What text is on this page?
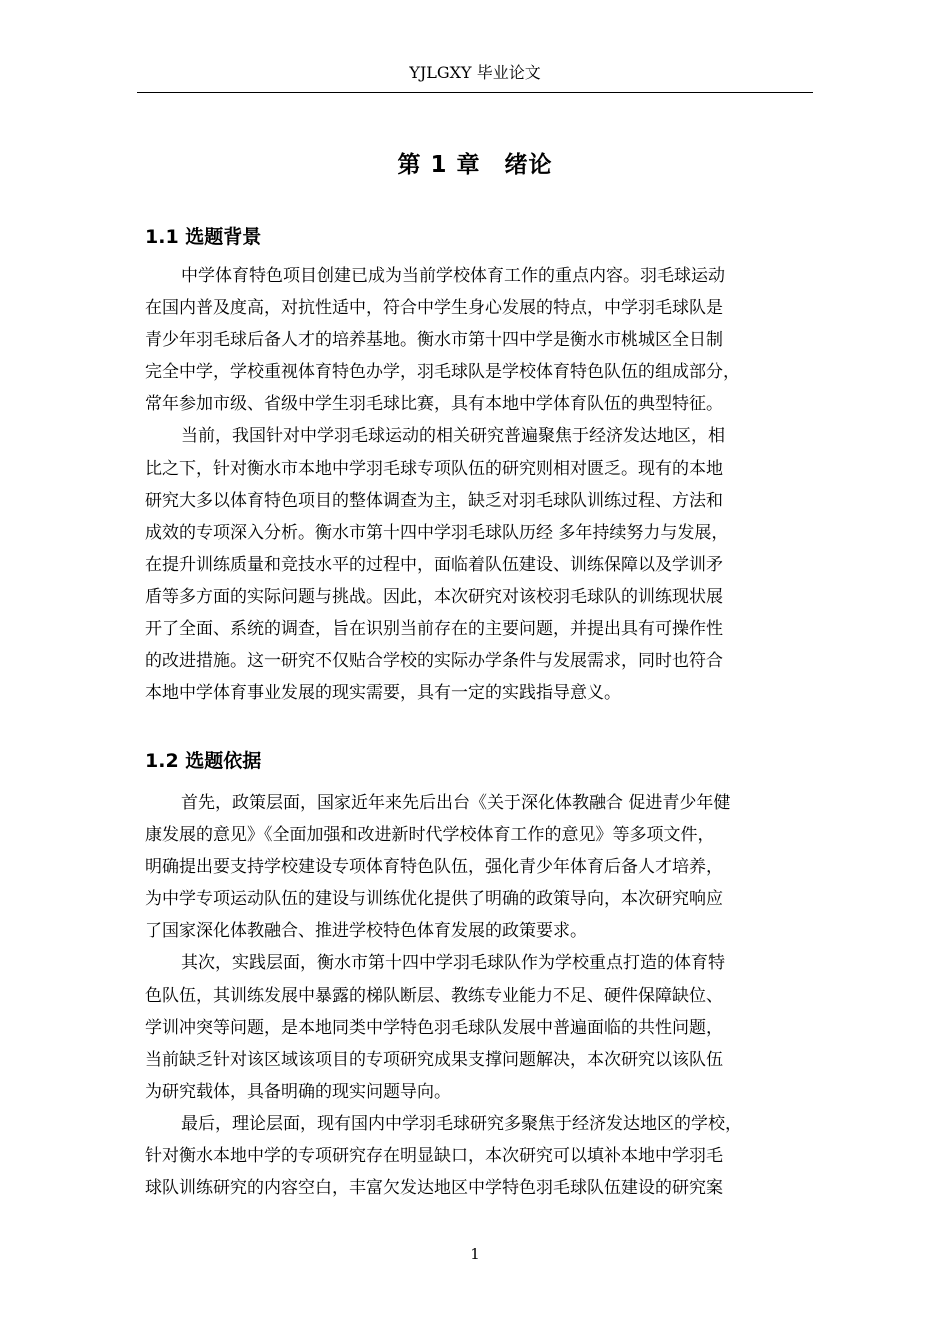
YJLGXY 毕业论文
第 1 章　绪论
1.1 选题背景
中学体育特色项目创建已成为当前学校体育工作的重点内容。羽毛球运动
在国内普及度高，对抗性适中，符合中学生身心发展的特点，中学羽毛球队是
青少年羽毛球后备人才的培养基地。衡水市第十四中学是衡水市桃城区全日制
完全中学，学校重视体育特色办学，羽毛球队是学校体育特色队伍的组成部分，
常年参加市级、省级中学生羽毛球比赛，具有本地中学体育队伍的典型特征。
当前，我国针对中学羽毛球运动的相关研究普遍聚焦于经济发达地区，相
比之下，针对衡水市本地中学羽毛球专项队伍的研究则相对匮乏。现有的本地
研究大多以体育特色项目的整体调查为主，缺乏对羽毛球队训练过程、方法和
成效的专项深入分析。衡水市第十四中学羽毛球队历经 多年持续努力与发展，
在提升训练质量和竞技水平的过程中，面临着队伍建设、训练保障以及学训矛
盾等多方面的实际问题与挑战。因此，本次研究对该校羽毛球队的训练现状展
开了全面、系统的调查，旨在识别当前存在的主要问题，并提出具有可操作性
的改进措施。这一研究不仅贴合学校的实际办学条件与发展需求，同时也符合
本地中学体育事业发展的现实需要，具有一定的实践指导意义。
1.2 选题依据
首先，政策层面，国家近年来先后出台《关于深化体教融合 促进青少年健
康发展的意见》《全面加强和改进新时代学校体育工作的意见》等多项文件，
明确提出要支持学校建设专项体育特色队伍，强化青少年体育后备人才培养，
为中学专项运动队伍的建设与训练优化提供了明确的政策导向，本次研究响应
了国家深化体教融合、推进学校特色体育发展的政策要求。
其次，实践层面，衡水市第十四中学羽毛球队作为学校重点打造的体育特
色队伍，其训练发展中暴露的梯队断层、教练专业能力不足、硬件保障缺位、
学训冲突等问题，是本地同类中学特色羽毛球队发展中普遍面临的共性问题，
当前缺乏针对该区域该项目的专项研究成果支撑问题解决，本次研究以该队伍
为研究载体，具备明确的现实问题导向。
最后，理论层面，现有国内中学羽毛球研究多聚焦于经济发达地区的学校，
针对衡水本地中学的专项研究存在明显缺口，本次研究可以填补本地中学羽毛
球队训练研究的内容空白，丰富欠发达地区中学特色羽毛球队伍建设的研究案
1
